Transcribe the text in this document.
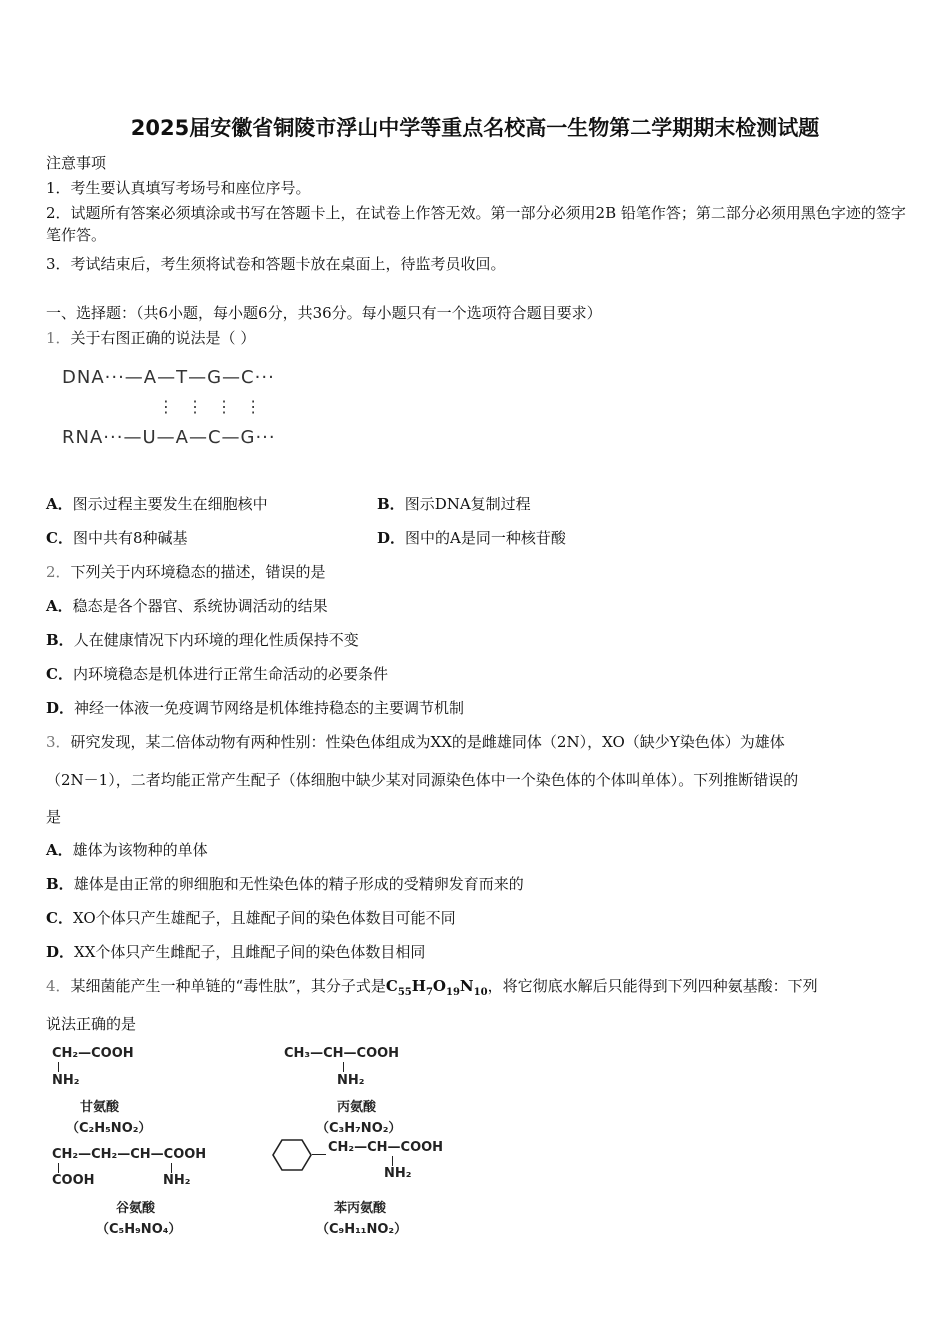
2025届安徽省铜陵市浮山中学等重点名校高一生物第二学期期末检测试题
注意事项
1．考生要认真填写考场号和座位序号。
2．试题所有答案必须填涂或书写在答题卡上，在试卷上作答无效。第一部分必须用2B 铅笔作答；第二部分必须用黑色字迹的签字笔作答。
3．考试结束后，考生须将试卷和答题卡放在桌面上，待监考员收回。
一、选择题：（共6小题，每小题6分，共36分。每小题只有一个选项符合题目要求）
1．关于右图正确的说法是（ ）
DNA···—A—T—G—C···
⋮ ⋮ ⋮ ⋮
RNA···—U—A—C—G···
A．图示过程主要发生在细胞核中	B．图示DNA复制过程
C．图中共有8种碱基	D．图中的A是同一种核苷酸
2．下列关于内环境稳态的描述，错误的是
A．稳态是各个器官、系统协调活动的结果
B．人在健康情况下内环境的理化性质保持不变
C．内环境稳态是机体进行正常生命活动的必要条件
D．神经一体液一免疫调节网络是机体维持稳态的主要调节机制
3．研究发现，某二倍体动物有两种性别：性染色体组成为XX的是雌雄同体（2N），XO（缺少Y染色体）为雄体
（2N－1），二者均能正常产生配子（体细胞中缺少某对同源染色体中一个染色体的个体叫单体）。下列推断错误的
是
A．雄体为该物种的单体
B．雄体是由正常的卵细胞和无性染色体的精子形成的受精卵发育而来的
C．XO个体只产生雄配子，且雄配子间的染色体数目可能不同
D．XX个体只产生雌配子，且雌配子间的染色体数目相同
4．某细菌能产生一种单链的“毒性肽”，其分子式是$C_{55}H_7O_{19}N_{10}$，将它彻底水解后只能得到下列四种氨基酸：下列
说法正确的是
CH₂—COOH
NH₂
甘氨酸
（C₂H₅NO₂）
CH₃—CH—COOH
NH₂
丙氨酸
（C₃H₇NO₂）
CH₂—CH₂—CH—COOH
COOH	NH₂
谷氨酸
（C₅H₉NO₄）
CH₂—CH—COOH
NH₂
苯丙氨酸
（C₉H₁₁NO₂）
